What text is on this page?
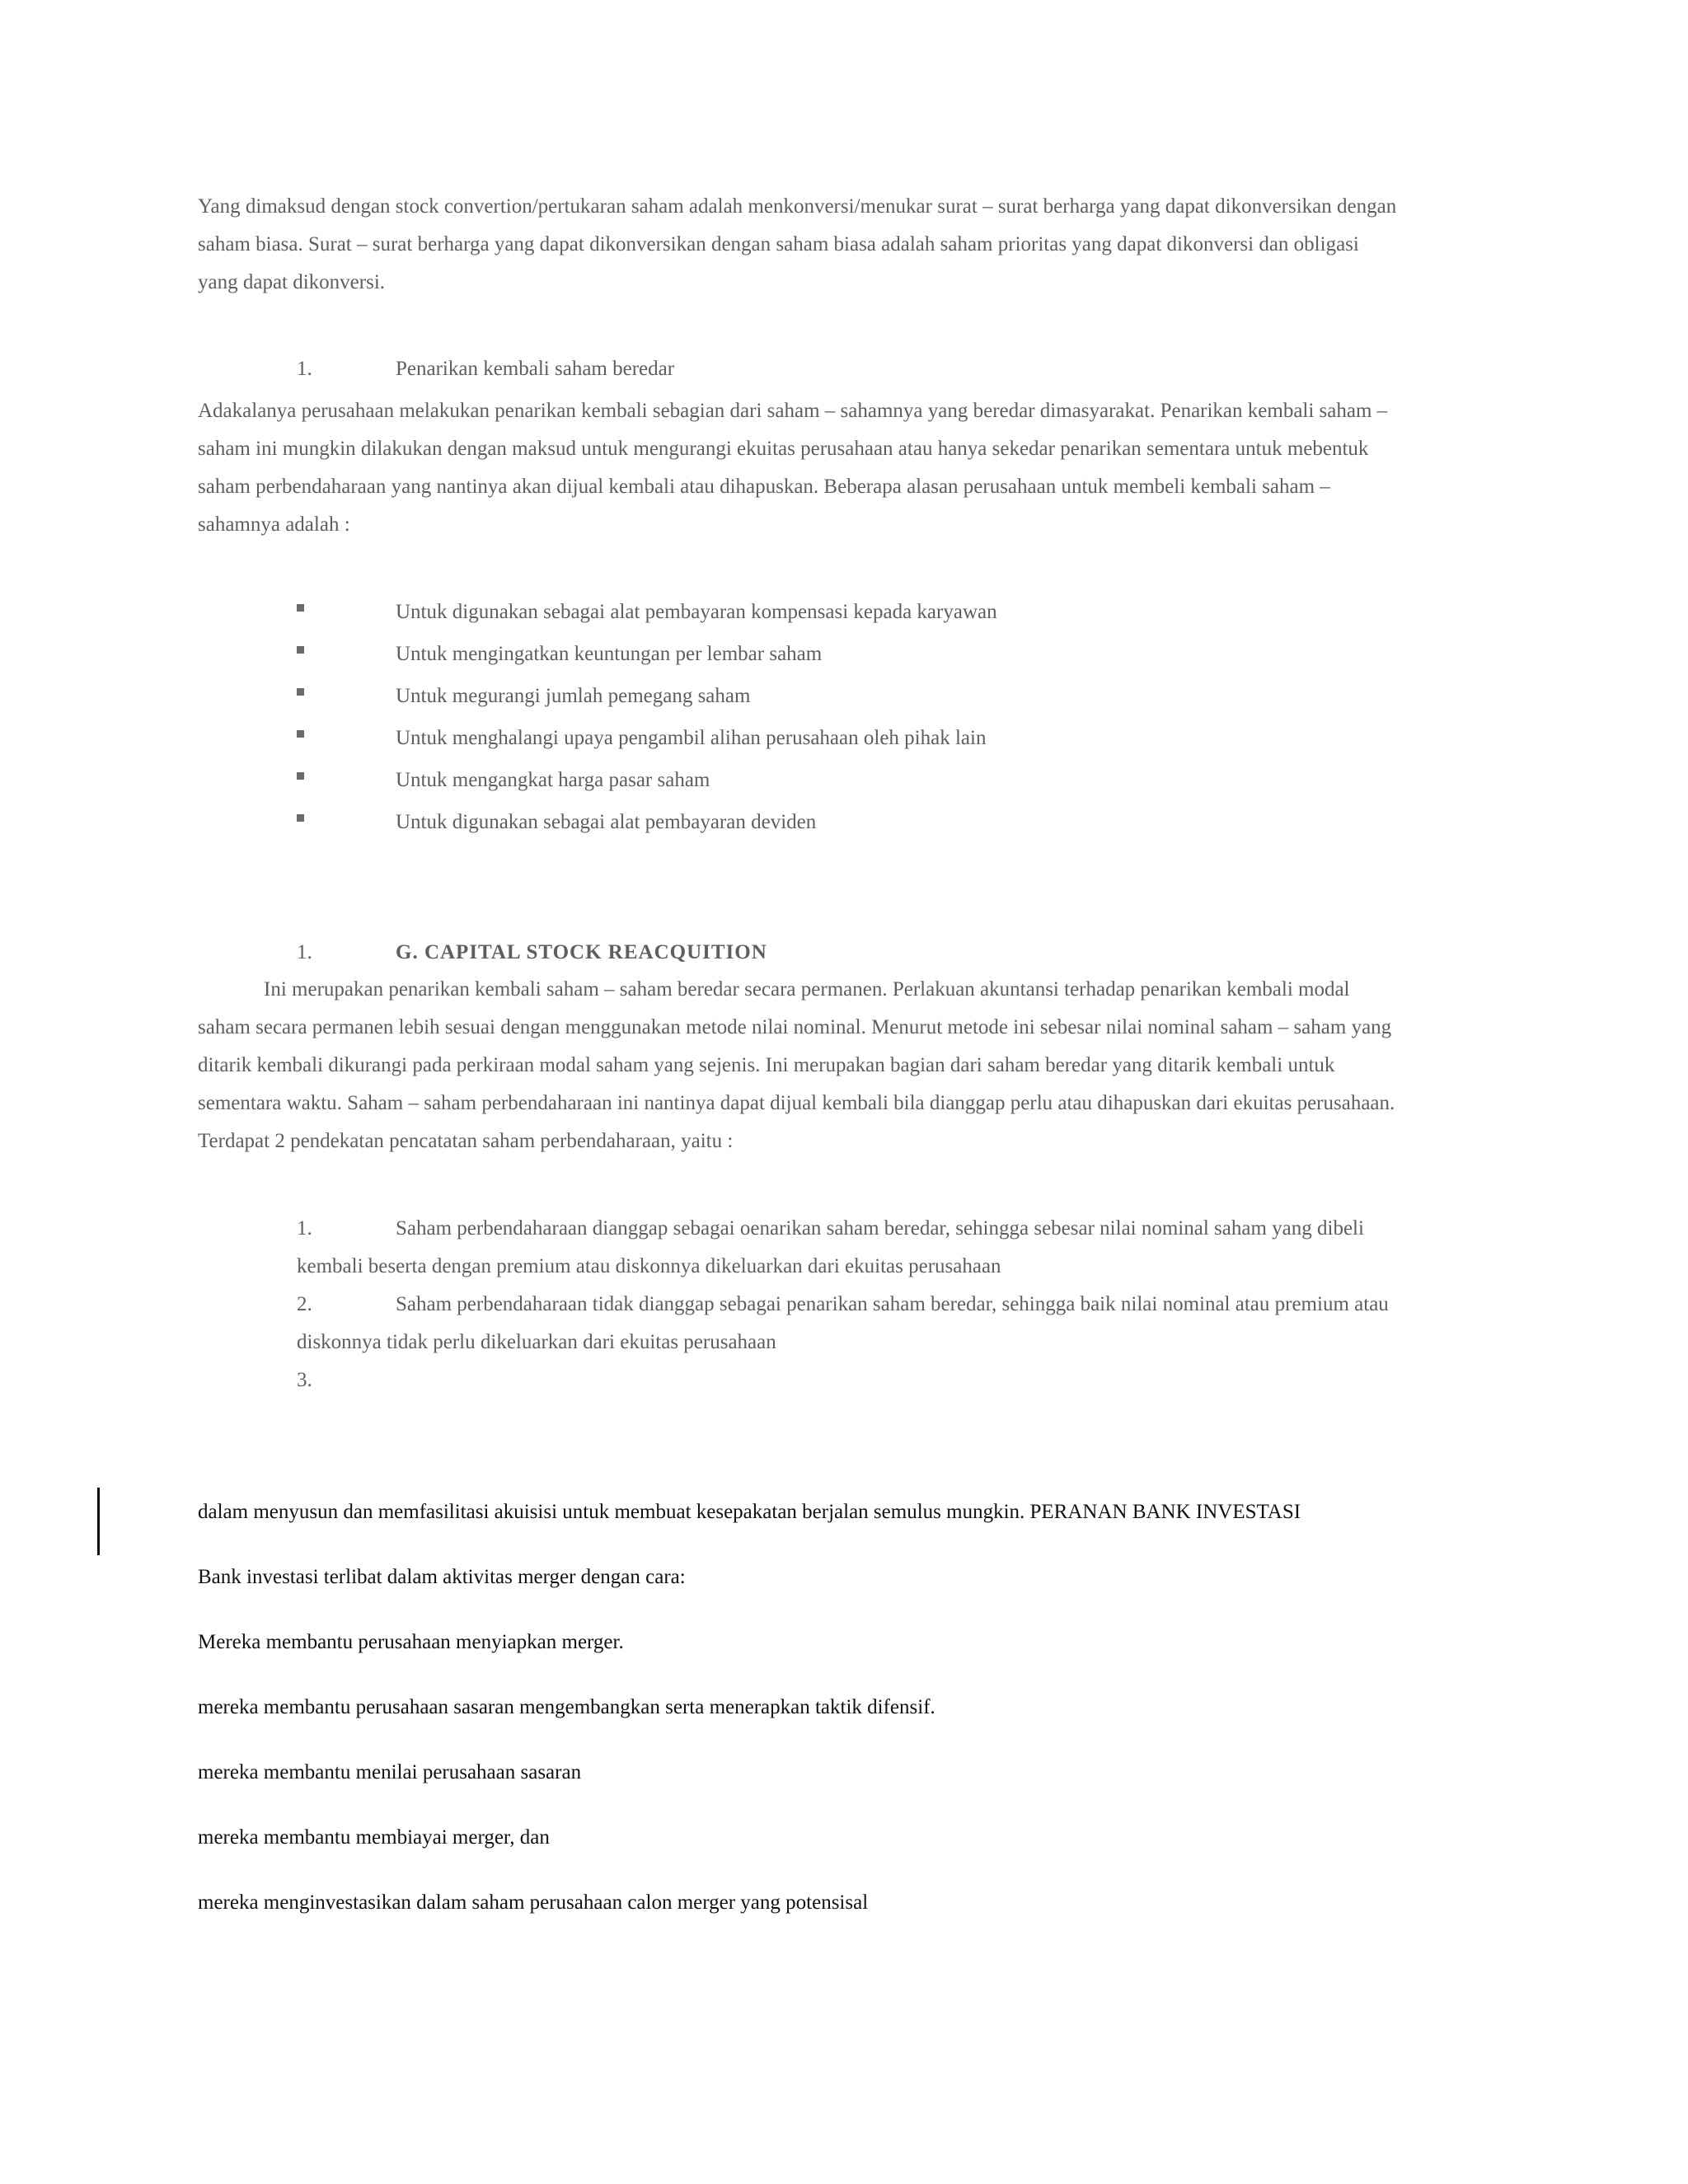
Yang dimaksud dengan stock convertion/pertukaran saham adalah menkonversi/menukar surat – surat berharga yang dapat dikonversikan dengan
saham biasa. Surat – surat berharga yang dapat dikonversikan dengan saham biasa adalah saham prioritas yang dapat dikonversi dan obligasi
yang dapat dikonversi.
1.	Penarikan kembali saham beredar
Adakalanya perusahaan melakukan penarikan kembali sebagian dari saham – sahamnya yang beredar dimasyarakat. Penarikan kembali saham –
saham ini mungkin dilakukan dengan maksud untuk mengurangi ekuitas perusahaan atau hanya sekedar penarikan sementara untuk mebentuk
saham perbendaharaan yang nantinya akan dijual kembali atau dihapuskan. Beberapa alasan perusahaan untuk membeli kembali saham –
sahamnya adalah :
Untuk digunakan sebagai alat pembayaran kompensasi kepada karyawan
Untuk mengingatkan keuntungan per lembar saham
Untuk megurangi jumlah pemegang saham
Untuk menghalangi upaya pengambil alihan perusahaan oleh pihak lain
Untuk mengangkat harga pasar saham
Untuk digunakan sebagai alat pembayaran deviden
1.	G. CAPITAL STOCK REACQUITION
Ini merupakan penarikan kembali saham – saham beredar secara permanen. Perlakuan akuntansi terhadap penarikan kembali modal
saham secara permanen lebih sesuai dengan menggunakan metode nilai nominal. Menurut metode ini sebesar nilai nominal saham – saham yang
ditarik kembali dikurangi pada perkiraan modal saham yang sejenis. Ini merupakan bagian dari saham beredar yang ditarik kembali untuk
sementara waktu. Saham – saham perbendaharaan ini nantinya dapat dijual kembali bila dianggap perlu atau dihapuskan dari ekuitas perusahaan.
Terdapat 2 pendekatan pencatatan saham perbendaharaan, yaitu :
1.	Saham perbendaharaan dianggap sebagai oenarikan saham beredar, sehingga sebesar nilai nominal saham yang dibeli
kembali beserta dengan premium atau diskonnya dikeluarkan dari ekuitas perusahaan
2.	Saham perbendaharaan tidak dianggap sebagai penarikan saham beredar, sehingga baik nilai nominal atau premium atau
diskonnya tidak perlu dikeluarkan dari ekuitas perusahaan
3.
dalam menyusun dan memfasilitasi akuisisi untuk membuat kesepakatan berjalan semulus mungkin. PERANAN BANK INVESTASI
Bank investasi terlibat dalam aktivitas merger dengan cara:
Mereka membantu perusahaan menyiapkan merger.
mereka membantu perusahaan sasaran mengembangkan serta menerapkan taktik difensif.
mereka membantu menilai perusahaan sasaran
mereka membantu membiayai merger, dan
mereka menginvestasikan dalam saham perusahaan calon merger yang potensisal
